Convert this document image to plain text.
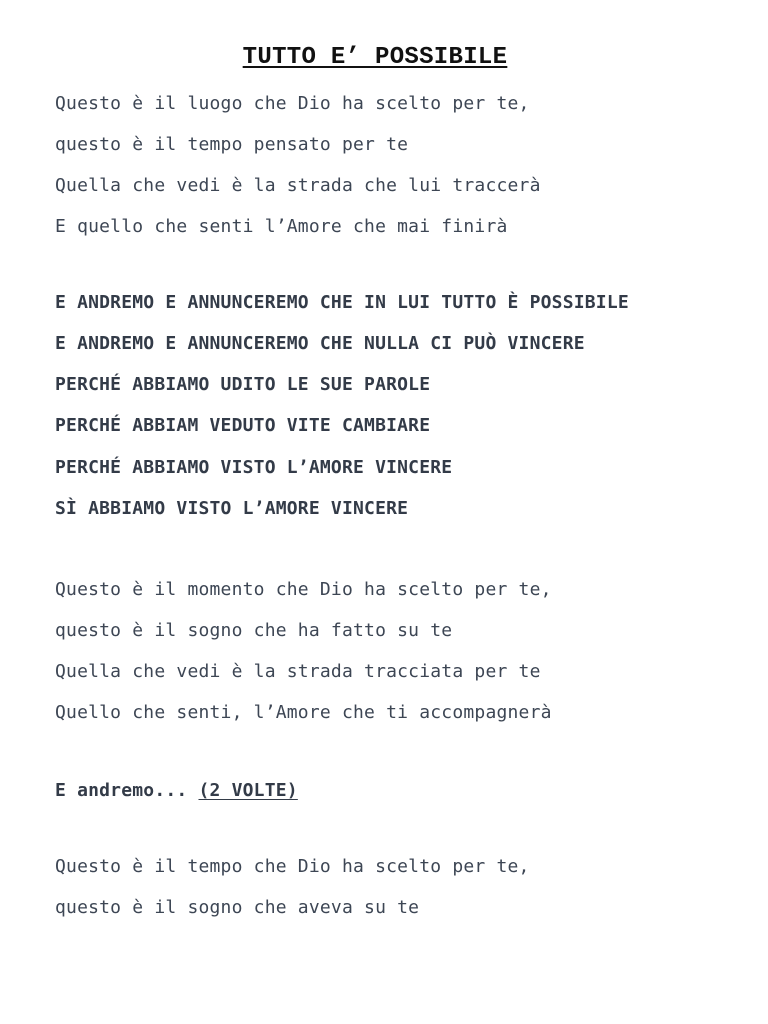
TUTTO E’ POSSIBILE
Questo è il luogo che Dio ha scelto per te,
questo è il tempo pensato per te
Quella che vedi è la strada che lui traccerà
E quello che senti l’Amore che mai finirà
E ANDREMO E ANNUNCEREMO CHE IN LUI TUTTO È POSSIBILE
E ANDREMO E ANNUNCEREMO CHE NULLA CI PUÒ VINCERE
PERCHÉ ABBIAMO UDITO LE SUE PAROLE
PERCHÉ ABBIAM VEDUTO VITE CAMBIARE
PERCHÉ ABBIAMO VISTO L’AMORE VINCERE
SÌ ABBIAMO VISTO L’AMORE VINCERE
Questo è il momento che Dio ha scelto per te,
questo è il sogno che ha fatto su te
Quella che vedi è la strada tracciata per te
Quello che senti, l’Amore che ti accompagnerà
E andremo... (2 VOLTE)
Questo è il tempo che Dio ha scelto per te,
questo è il sogno che aveva su te
